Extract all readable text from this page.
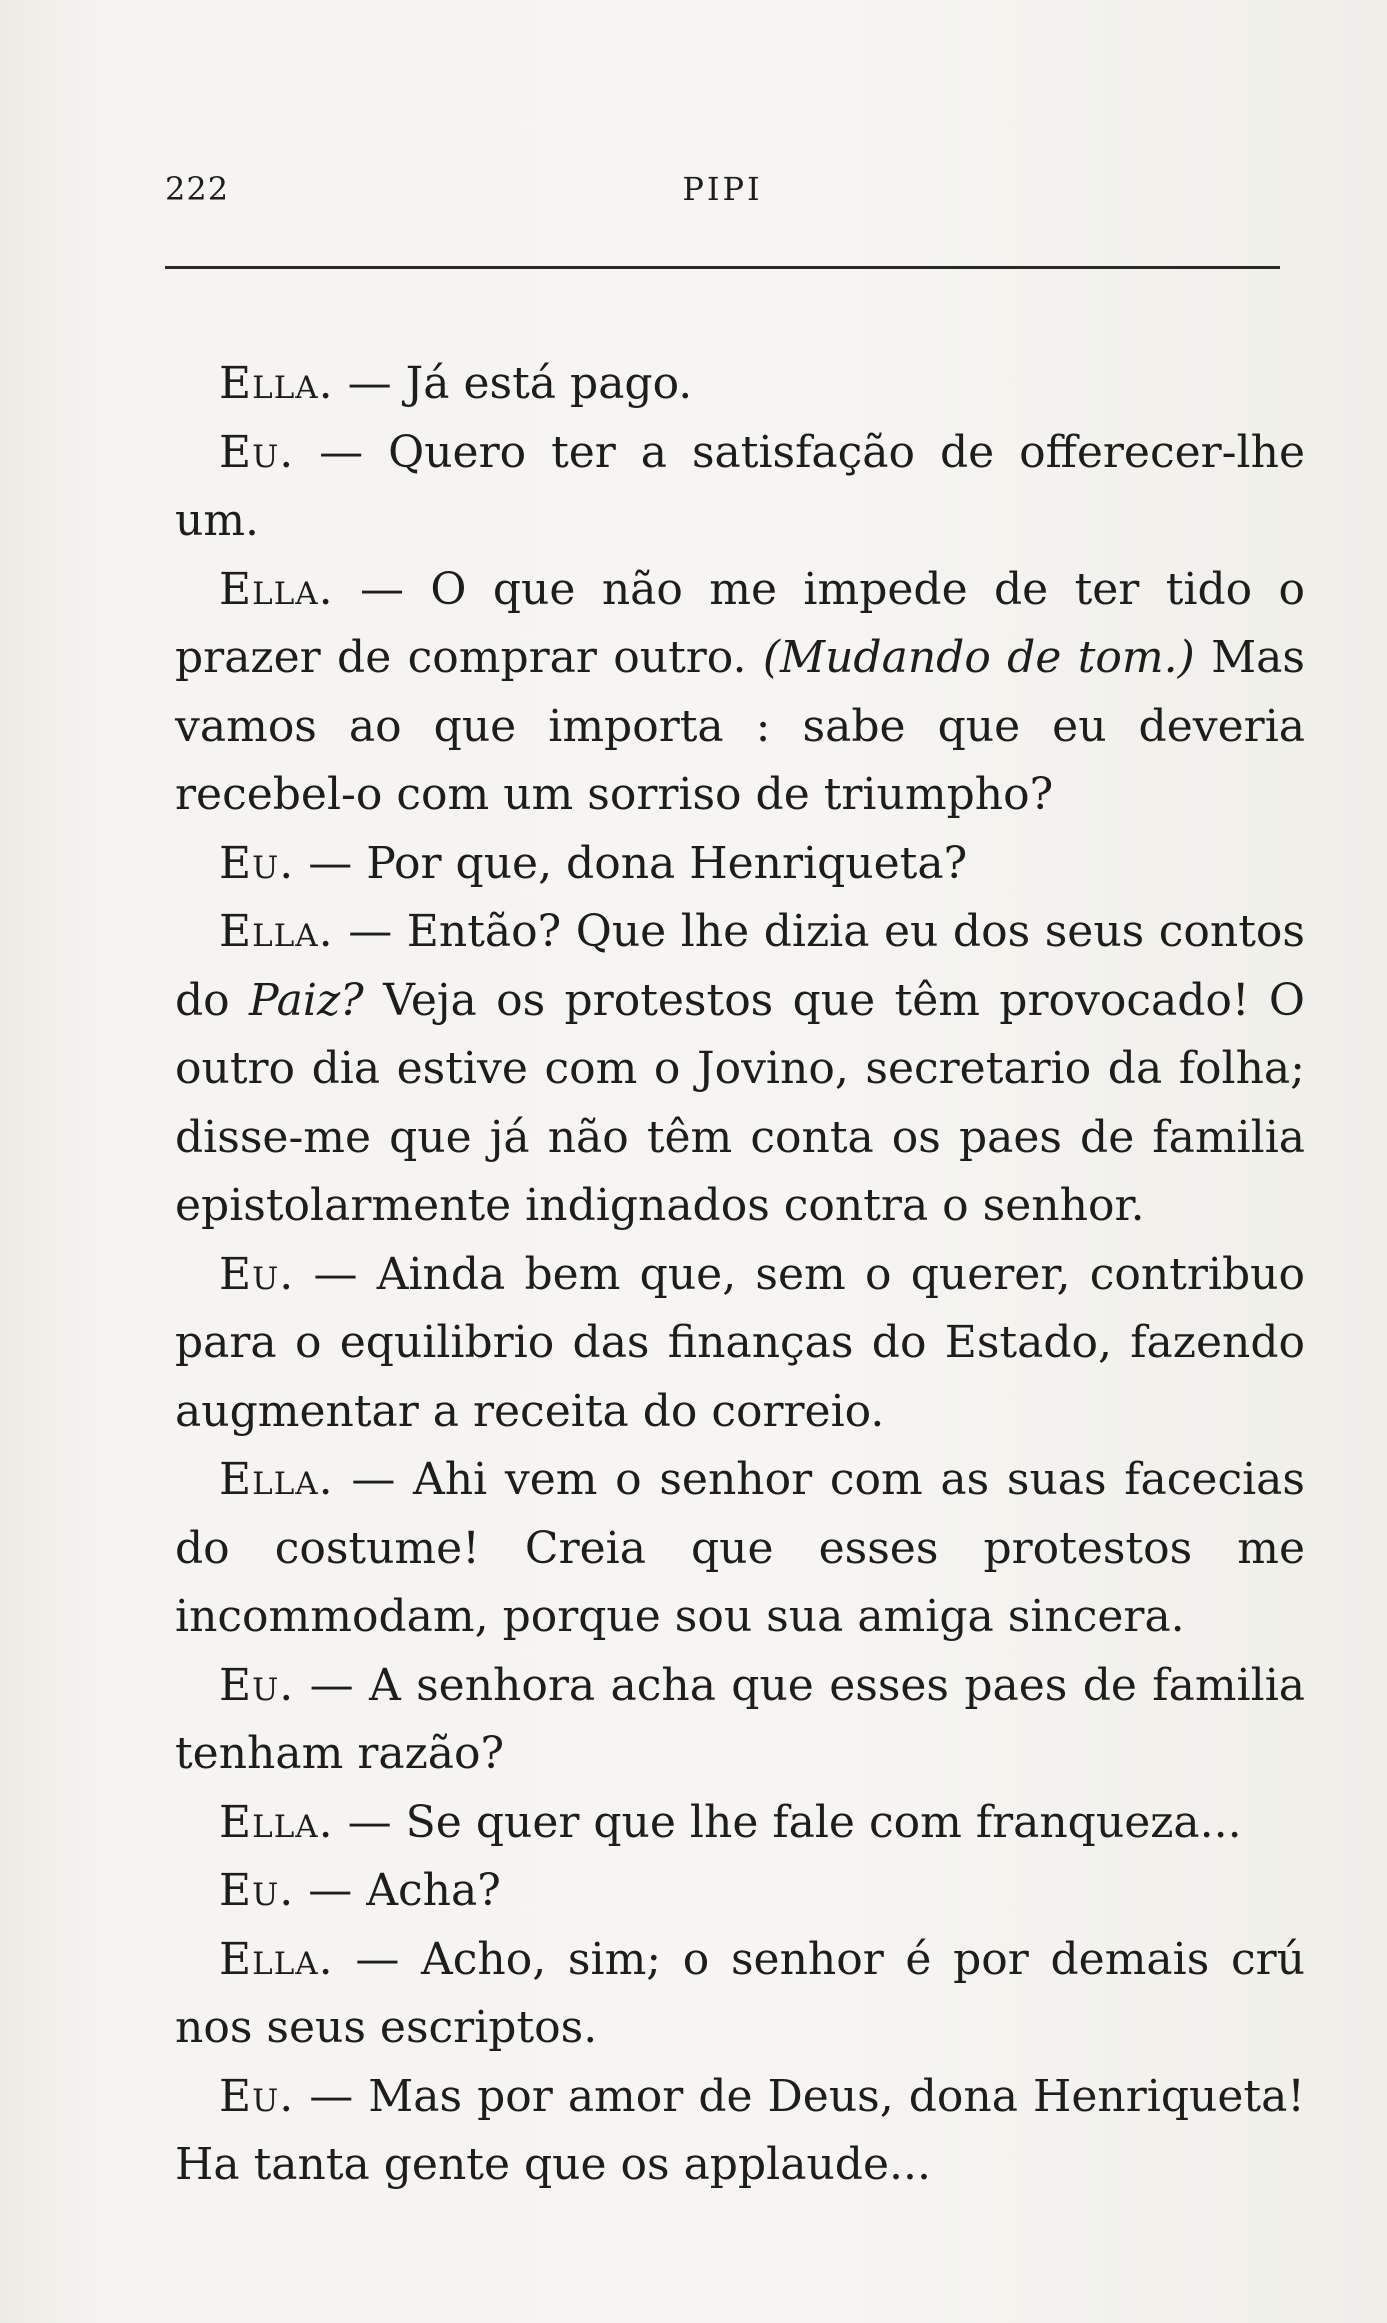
222	PIPI

Ella. — Já está pago.

Eu. — Quero ter a satisfação de offerecer-lhe um.

Ella. — O que não me impede de ter tido o prazer de comprar outro. (Mudando de tom.) Mas vamos ao que importa : sabe que eu deveria recebel-o com um sorriso de triumpho?

Eu. — Por que, dona Henriqueta?

Ella. — Então? Que lhe dizia eu dos seus contos do Paiz? Veja os protestos que têm provocado! O outro dia estive com o Jovino, secretario da folha; disse-me que já não têm conta os paes de familia epistolarmente indignados contra o senhor.

Eu. — Ainda bem que, sem o querer, contribuo para o equilibrio das finanças do Estado, fazendo augmentar a receita do correio.

Ella. — Ahi vem o senhor com as suas facecias do costume! Creia que esses protestos me incommodam, porque sou sua amiga sincera.

Eu. — A senhora acha que esses paes de familia tenham razão?

Ella. — Se quer que lhe fale com franqueza...

Eu. — Acha?

Ella. — Acho, sim; o senhor é por demais crú nos seus escriptos.

Eu. — Mas por amor de Deus, dona Henriqueta! Ha tanta gente que os applaude...
